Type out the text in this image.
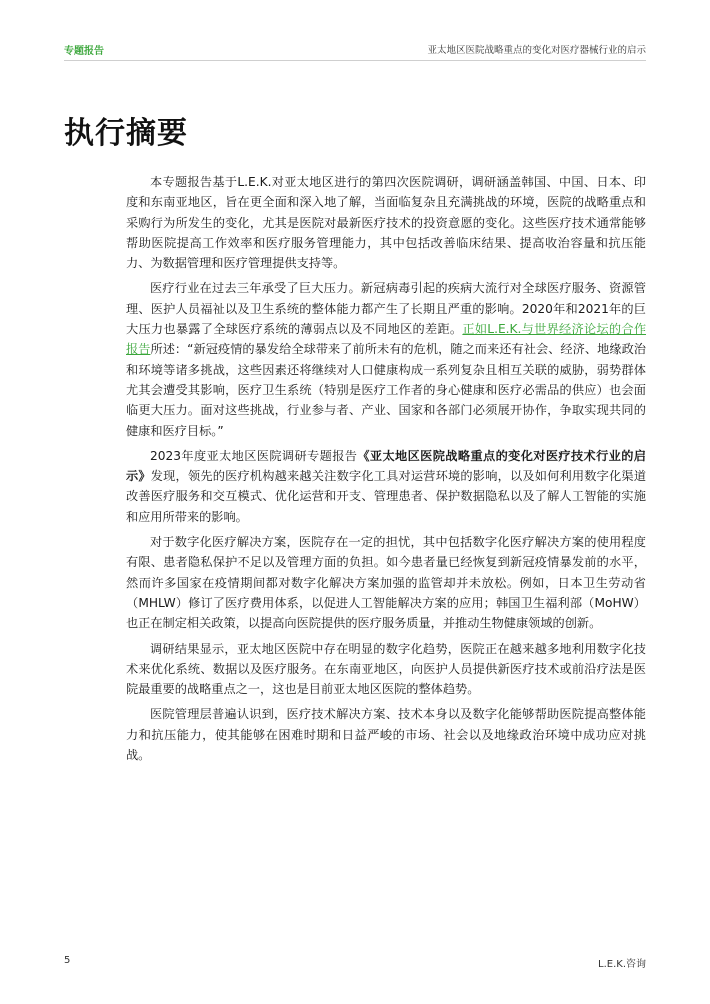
专题报告	亚太地区医院战略重点的变化对医疗器械行业的启示
执行摘要

本专题报告基于L.E.K.对亚太地区进行的第四次医院调研，调研涵盖韩国、中国、日本、印度和东南亚地区，旨在更全面和深入地了解，当面临复杂且充满挑战的环境，医院的战略重点和采购行为所发生的变化，尤其是医院对最新医疗技术的投资意愿的变化。这些医疗技术通常能够帮助医院提高工作效率和医疗服务管理能力，其中包括改善临床结果、提高收治容量和抗压能力、为数据管理和医疗管理提供支持等。

医疗行业在过去三年承受了巨大压力。新冠病毒引起的疾病大流行对全球医疗服务、资源管理、医护人员福祉以及卫生系统的整体能力都产生了长期且严重的影响。2020年和2021年的巨大压力也暴露了全球医疗系统的薄弱点以及不同地区的差距。正如L.E.K.与世界经济论坛的合作报告所述：“新冠疫情的暴发给全球带来了前所未有的危机，随之而来还有社会、经济、地缘政治和环境等诸多挑战，这些因素还将继续对人口健康构成一系列复杂且相互关联的威胁，弱势群体尤其会遭受其影响，医疗卫生系统（特别是医疗工作者的身心健康和医疗必需品的供应）也会面临更大压力。面对这些挑战，行业参与者、产业、国家和各部门必须展开协作，争取实现共同的健康和医疗目标。”

2023年度亚太地区医院调研专题报告《亚太地区医院战略重点的变化对医疗技术行业的启示》发现，领先的医疗机构越来越关注数字化工具对运营环境的影响，以及如何利用数字化渠道改善医疗服务和交互模式、优化运营和开支、管理患者、保护数据隐私以及了解人工智能的实施和应用所带来的影响。

对于数字化医疗解决方案，医院存在一定的担忧，其中包括数字化医疗解决方案的使用程度有限、患者隐私保护不足以及管理方面的负担。如今患者量已经恢复到新冠疫情暴发前的水平，然而许多国家在疫情期间都对数字化解决方案加强的监管却并未放松。例如，日本卫生劳动省（MHLW）修订了医疗费用体系，以促进人工智能解决方案的应用；韩国卫生福利部（MoHW）也正在制定相关政策，以提高向医院提供的医疗服务质量，并推动生物健康领域的创新。

调研结果显示，亚太地区医院中存在明显的数字化趋势，医院正在越来越多地利用数字化技术来优化系统、数据以及医疗服务。在东南亚地区，向医护人员提供新医疗技术或前沿疗法是医院最重要的战略重点之一，这也是目前亚太地区医院的整体趋势。

医院管理层普遍认识到，医疗技术解决方案、技术本身以及数字化能够帮助医院提高整体能力和抗压能力，使其能够在困难时期和日益严峻的市场、社会以及地缘政治环境中成功应对挑战。

5	L.E.K.咨询
